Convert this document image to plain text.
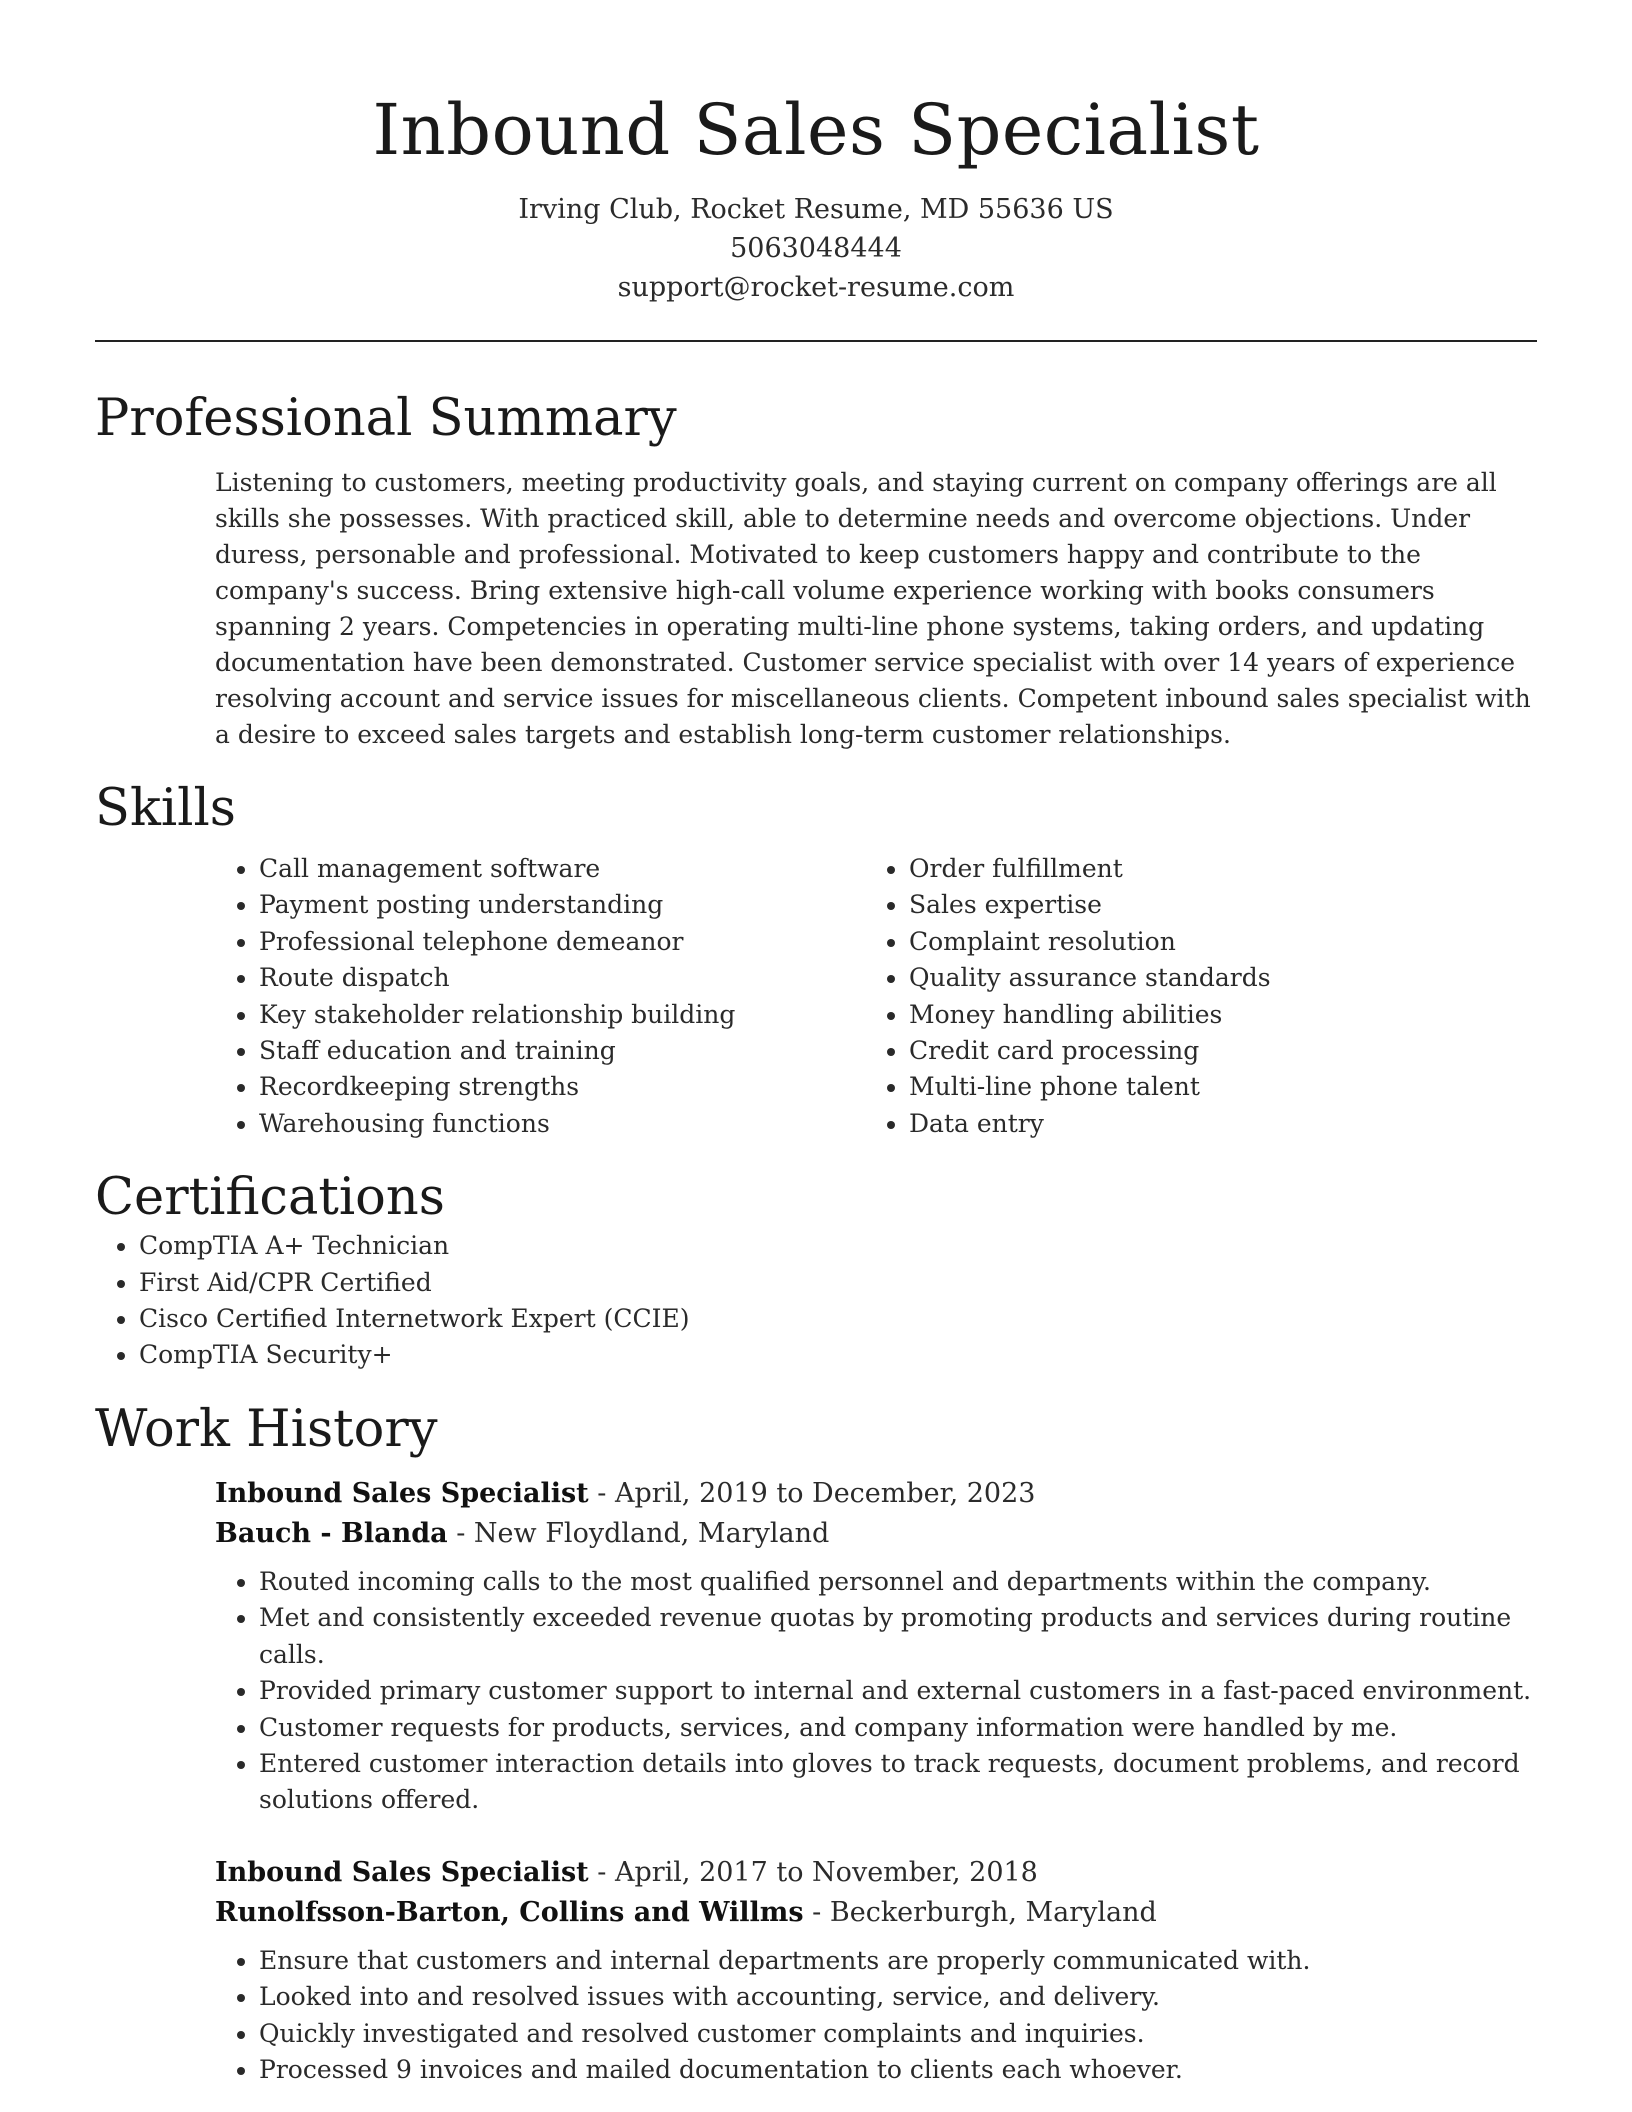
Inbound Sales Specialist
Irving Club, Rocket Resume, MD 55636 US
5063048444
support@rocket-resume.com
Professional Summary

Listening to customers, meeting productivity goals, and staying current on company offerings are all skills she possesses. With practiced skill, able to determine needs and overcome objections. Under duress, personable and professional. Motivated to keep customers happy and contribute to the company's success. Bring extensive high-call volume experience working with books consumers spanning 2 years. Competencies in operating multi-line phone systems, taking orders, and updating documentation have been demonstrated. Customer service specialist with over 14 years of experience resolving account and service issues for miscellaneous clients. Competent inbound sales specialist with a desire to exceed sales targets and establish long-term customer relationships.

Skills
• Call management software
• Payment posting understanding
• Professional telephone demeanor
• Route dispatch
• Key stakeholder relationship building
• Staff education and training
• Recordkeeping strengths
• Warehousing functions
• Order fulfillment
• Sales expertise
• Complaint resolution
• Quality assurance standards
• Money handling abilities
• Credit card processing
• Multi-line phone talent
• Data entry
Certifications
• CompTIA A+ Technician
• First Aid/CPR Certified
• Cisco Certified Internetwork Expert (CCIE)
• CompTIA Security+
Work History
Inbound Sales Specialist - April, 2019 to December, 2023
Bauch - Blanda - New Floydland, Maryland
• Routed incoming calls to the most qualified personnel and departments within the company.
• Met and consistently exceeded revenue quotas by promoting products and services during routine calls.
• Provided primary customer support to internal and external customers in a fast-paced environment.
• Customer requests for products, services, and company information were handled by me.
• Entered customer interaction details into gloves to track requests, document problems, and record solutions offered.
Inbound Sales Specialist - April, 2017 to November, 2018
Runolfsson-Barton, Collins and Willms - Beckerburgh, Maryland
• Ensure that customers and internal departments are properly communicated with.
• Looked into and resolved issues with accounting, service, and delivery.
• Quickly investigated and resolved customer complaints and inquiries.
• Processed 9 invoices and mailed documentation to clients each whoever.
